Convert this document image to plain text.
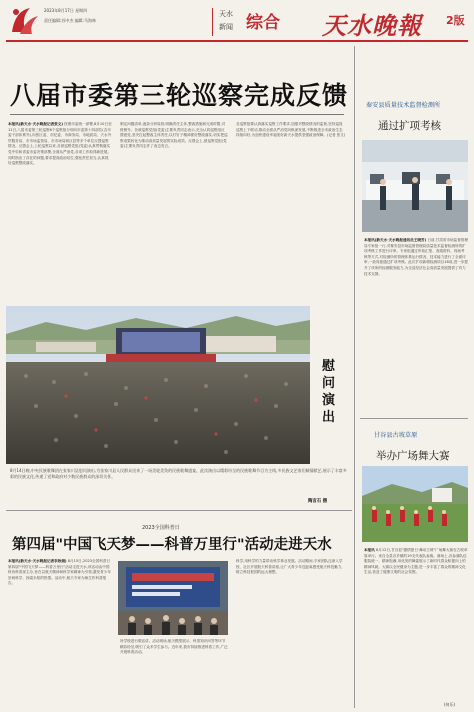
2023年8月17日 星期四
责任编辑:苏中杰 编辑:马海林
天水
新闻 综合 天水晚報 2版
八届市委第三轮巡察完成反馈
本报讯(新天水·天水晚报记者张文) 按照市委统一部署,8月10日至11日,八届市委第三轮巡察6个巡察组分别向市委第十四部位(含市委干部体系外),向张区委、市纪委、市商务局、市地质局、天水外贸服务局、市市场监管局、市市场局和区县等多个单位反馈巡察情况。反馈会上,上轮巡察以来,各被巡察党组(党委)认真贯彻落实党中央和省委市委决策部署,全面从严治党,各项工作取得新进展。同时指出了存在的问题,要求提高政治站位,强化责任担当,认真抓好巡察整改落实。
制定问题清单,逐条分析原因,明确责任主体,整改措施和完成时限,对账销号。各被巡察党组(党委)主要负责同志表示,完全认同巡察组反馈意见,坚决扛起整改主体责任,以钉钉子精神抓好整改落实,切实把巡察成果转化为推动高质量发展的实际成效。反馈会上,被巡察党组(党委)主要负责同志作了表态发言。
各巡察组要认真落实巡察工作要求,加强对整改情况的监督,坚持巡视巡察上下联动,推动全面从严治党向纵深发展,不断推进全市政治生态持续向好,为加快建设幸福美好新天水提供坚强政治保障。(记者 张文)
慰问演出
8月14日晚,中央民族歌舞团在张家川县慰问演出,为张家川县人民群众送来了一场美轮美奂的民族歌舞盛宴。此次演出以精彩纷呈的民族歌舞节目为主线,多民族文艺家们倾情献艺,展示了丰富多彩的民族文化,传递了党和政府对少数民族群众的深切关怀。
陶言石 摄
2023全国科普日
第四届"中国飞天梦——科普万里行"活动走进天水
本报讯(新天水·天水晚报记者李欣娟) 8月15日,2023全国科普日第四届"中国飞天梦——科普万里行"活动走进天水,该活动由中国科协科普部主办,旨在以航天精神和科学家精神为引领,激发青少年崇尚科学、探索未知的热情。活动中,航天专家为师生作科普报告。
所学校进行微宣讲。活动现场,航天模型展示、科普知识问答等环节精彩纷呈,吸引了众多学生参与。近年来,我市持续推进科普工作,广泛开展科普活动。
科学,用科学的力量带动科学事业发展。活动期间,专家团队还深入学校、社区开展航天科普讲座,让广大青少年近距离感受航天科技魅力,树立科技报国的远大理想。
秦安县质量技术监督检测所
通过扩项考核
本报讯(新天水·天水晚报通讯员王晓芳) 日前,甘肃省市场监督管理局专家组一行,对秦安县市场监督管理局质量技术监督检测所的扩项考核工作进行评审。专家组通过听取汇报、查阅资料、现场考核等方式,对检测所的管理体系运行情况、技术能力进行了全面评审,一致同意通过扩项考核。此次扩项新增检测项目18项,进一步提升了该所的检测服务能力,为全县经济社会高质量发展提供了有力技术支撑。
甘谷县古坡草原
举办广场舞大赛
本报讯 8月12日,甘谷县"激情夏日·舞动古坡"广场舞大赛在古坡草原举行。来自全县各乡镇的19支代表队参赛。赛场上,各参赛队伍服装统一、精神饱满,用优美的舞姿展示了新时代群众积极向上的精神风貌。大赛以全民健身为主题,进一步丰富了群众的精神文化生活,营造了健康文明的社会氛围。
(何乐)
